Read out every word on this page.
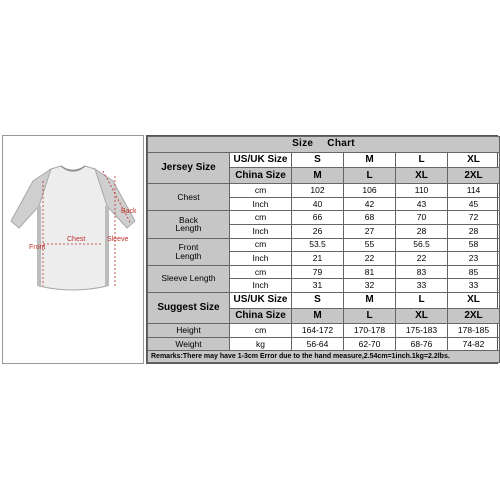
Back
Front
Chest	Sleeve
Size Chart					
Jersey Size	US/UK Size	S	M	L	XL
	China Size	M	L	XL	2XL
Chest	cm	102	106	110	114
	Inch	40	42	43	45
Back
Length	cm	66	68	70	72
	Inch	26	27	28	28
Front
Length	cm	53.5	55	56.5	58
	Inch	21	22	22	23
Sleeve Length	cm	79	81	83	85
	Inch	31	32	33	33
Suggest Size	US/UK Size	S	M	L	XL
	China Size	M	L	XL	2XL
Height	cm	164-172	170-178	175-183	178-185
Weight	kg	56-64	62-70	68-76	74-82
Remarks:There may have 1-3cm Error due to the hand measure,2.54cm=1inch.1kg=2.2lbs.					
